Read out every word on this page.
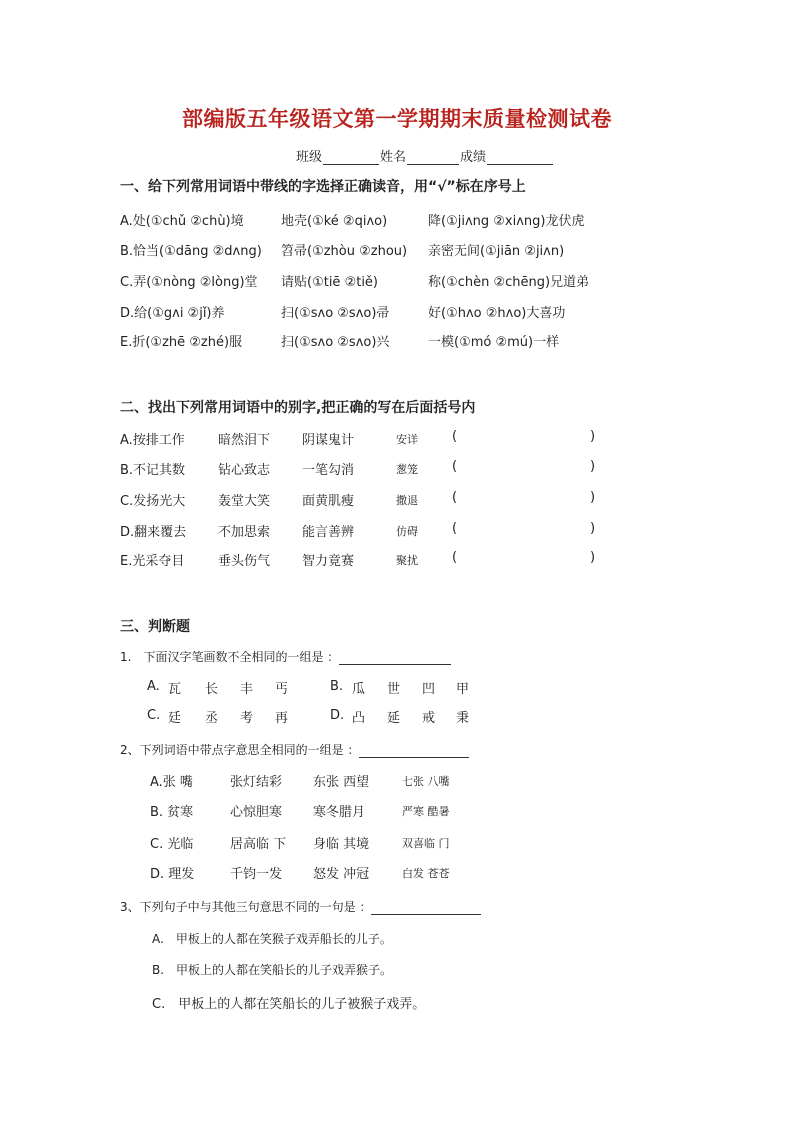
部编版五年级语文第一学期期末质量检测试卷
班级	姓名	成绩
一、给下列常用词语中带线的字选择正确读音，用“√”标在序号上
A.处(①chǔ ②chù)境	地壳(①ké ②qiʌo)	降(①jiʌng ②xiʌng)龙伏虎
B.恰当(①dāng ②dʌng) 笤帚(①zhòu ②zhou) 亲密无间(①jiān ②jiʌn)
C.弄(①nòng ②lòng)堂 请贴(①tiē ②tiě)	称(①chèn ②chēng)兄道弟
D.给(①gʌi ②jǐ)养	扫(①sʌo ②sʌo)帚	好(①hʌo ②hʌo)大喜功
E.折(①zhē ②zhé)服	扫(①sʌo ②sʌo)兴	一模(①mó ②mú)一样
二、找出下列常用词语中的别字,把正确的写在后面括号内
A.按排工作	暗然泪下 阴谋鬼计	安详	(	)
B.不记其数	钻心致志 一笔勾消	葱笼	(	)
C.发扬光大	轰堂大笑 面黄肌瘦	撒退	(	)
D.翻来覆去 不加思索 能言善辨	仿碍	(	)
E.光采夺目	垂头伤气 智力竟赛	聚扰	(	)
三、判断题
1.　下面汉字笔画数不全相同的一组是 ：
A. 瓦 长 丰 丐	B. 瓜 世 凹 甲
C. 廷 丞 考 再	D. 凸 延 戒 秉
2、下列词语中带点字意思全相同的一组是 ：
A.张 嘴	张灯结彩 东张 西望	七张 八嘴
B. 贫寒	心惊胆寒 寒冬腊月	严寒 酷暑
C. 光临	居高临 下 身临 其境	双喜临 门
D. 理发	千钧一发 怒发 冲冠	白发 苍苍
3、下列句子中与其他三句意思不同的一句是 ：
A.　甲板上的人都在笑猴子戏弄船长的儿子。
B.　甲板上的人都在笑船长的儿子戏弄猴子。
C.　甲板上的人都在笑船长的儿子被猴子戏弄。
